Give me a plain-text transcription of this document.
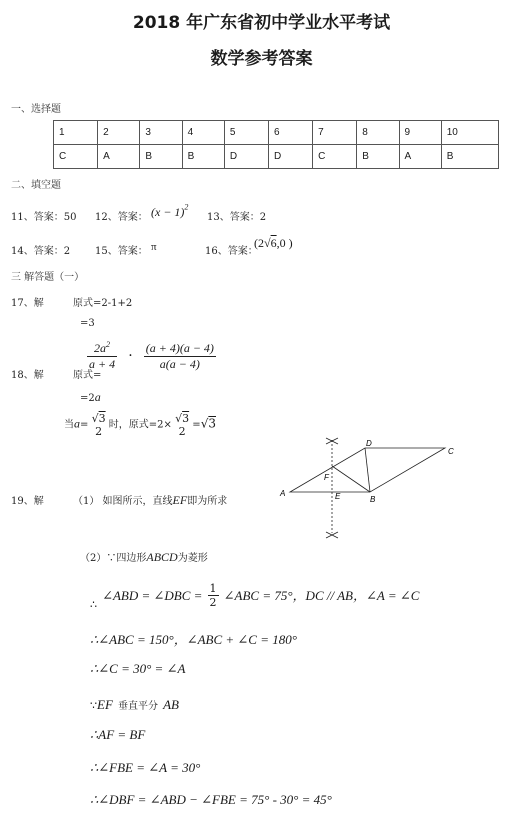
2018 年广东省初中学业水平考试
数学参考答案
一、选择题
1	2	3	4	5	6	7	8	9	10
C	A	B	B	D	D	C	B	A	B
二、填空题
11、答案：50 12、答案： $(x - 1)^2$
13、答案：2
14、答案：2 15、答案： π	16、答案：
(2√6,0 )
三 解答题（一）
17、解	原式=2-1+2
=3
18、解	原式=
$\frac{2a^2}{a + 4} \cdot \frac{(a + 4)(a - 4)}{a(a - 4)}$
=2a
当a= √3
2 时，原式=2× √3
2 =√3
19、解	（1） 如图所示，直线EF即为所求
A
B
C
D
E
F
（2）∵四边形ABCD为菱形
$_\therefore$ ∠ABD = ∠DBC = $\frac{1}{2}$ ∠ABC = 75°，DC // AB，∠A = ∠C
∴∠ABC = 150°，∠ABC + ∠C = 180°
∴∠C = 30° = ∠A
∵EF 垂直平分 AB
∴AF = BF
∴∠FBE = ∠A = 30°
∴∠DBF = ∠ABD − ∠FBE = 75° - 30° = 45°
